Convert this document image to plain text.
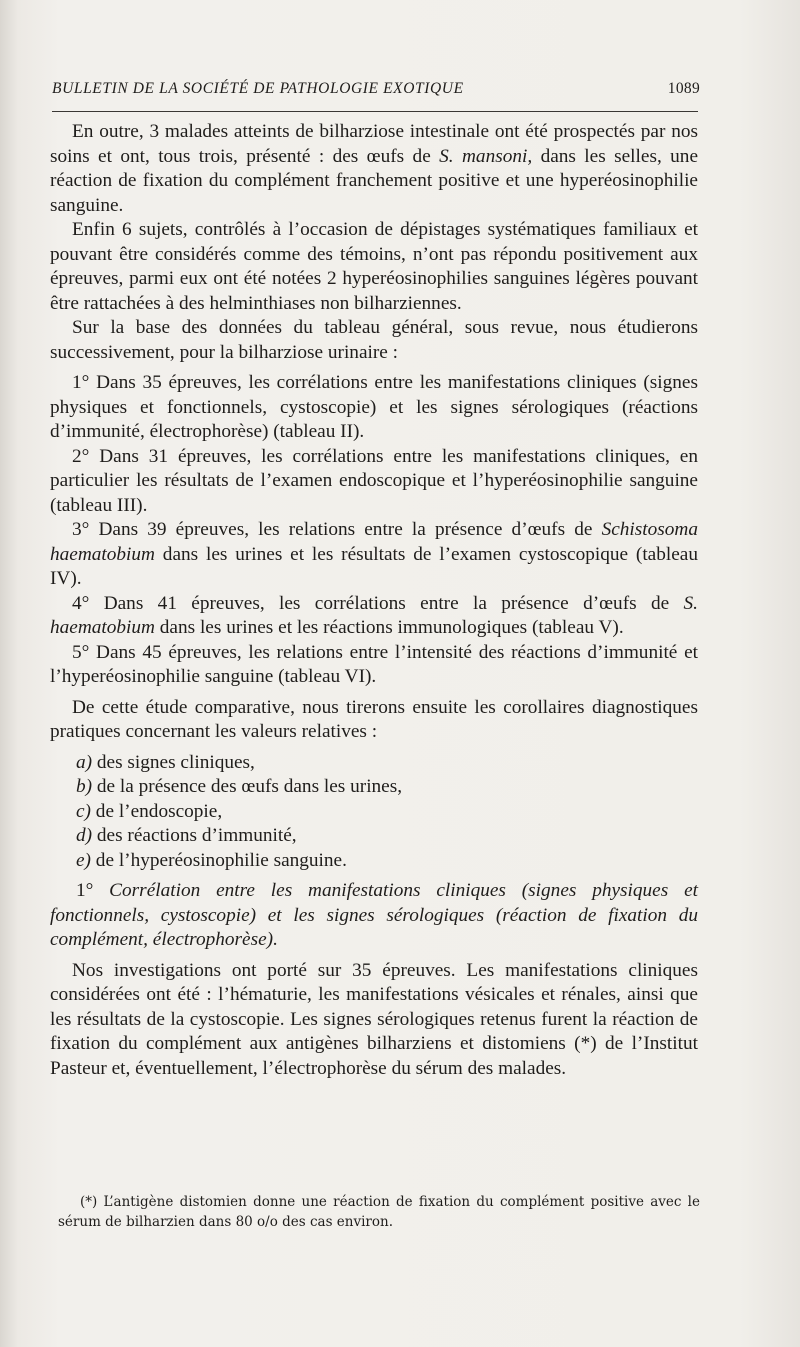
BULLETIN DE LA SOCIÉTÉ DE PATHOLOGIE EXOTIQUE	1089

En outre, 3 malades atteints de bilharziose intestinale ont été prospectés par nos soins et ont, tous trois, présenté : des œufs de S. mansoni, dans les selles, une réaction de fixation du complément franchement positive et une hyperéosinophilie sanguine.

Enfin 6 sujets, contrôlés à l’occasion de dépistages systématiques familiaux et pouvant être considérés comme des témoins, n’ont pas répondu positivement aux épreuves, parmi eux ont été notées 2 hyperéosinophilies sanguines légères pouvant être rattachées à des helminthiases non bilharziennes.

Sur la base des données du tableau général, sous revue, nous étudierons successivement, pour la bilharziose urinaire :

1° Dans 35 épreuves, les corrélations entre les manifestations cliniques (signes physiques et fonctionnels, cystoscopie) et les signes sérologiques (réactions d’immunité, électrophorèse) (tableau II).

2° Dans 31 épreuves, les corrélations entre les manifestations cliniques, en particulier les résultats de l’examen endoscopique et l’hyperéosinophilie sanguine (tableau III).

3° Dans 39 épreuves, les relations entre la présence d’œufs de Schistosoma haematobium dans les urines et les résultats de l’examen cystoscopique (tableau IV).

4° Dans 41 épreuves, les corrélations entre la présence d’œufs de S. haematobium dans les urines et les réactions immunologiques (tableau V).

5° Dans 45 épreuves, les relations entre l’intensité des réactions d’immunité et l’hyperéosinophilie sanguine (tableau VI).

De cette étude comparative, nous tirerons ensuite les corollaires diagnostiques pratiques concernant les valeurs relatives :

a) des signes cliniques,

b) de la présence des œufs dans les urines,

c) de l’endoscopie,

d) des réactions d’immunité,

e) de l’hyperéosinophilie sanguine.

1° Corrélation entre les manifestations cliniques (signes physiques et fonctionnels, cystoscopie) et les signes sérologiques (réaction de fixation du complément, électrophorèse).

Nos investigations ont porté sur 35 épreuves. Les manifestations cliniques considérées ont été : l’hématurie, les manifestations vésicales et rénales, ainsi que les résultats de la cystoscopie. Les signes sérologiques retenus furent la réaction de fixation du complément aux antigènes bilharziens et distomiens (*) de l’Institut Pasteur et, éventuellement, l’électrophorèse du sérum des malades.

(*) L’antigène distomien donne une réaction de fixation du complément positive avec le sérum de bilharzien dans 80 o/o des cas environ.
